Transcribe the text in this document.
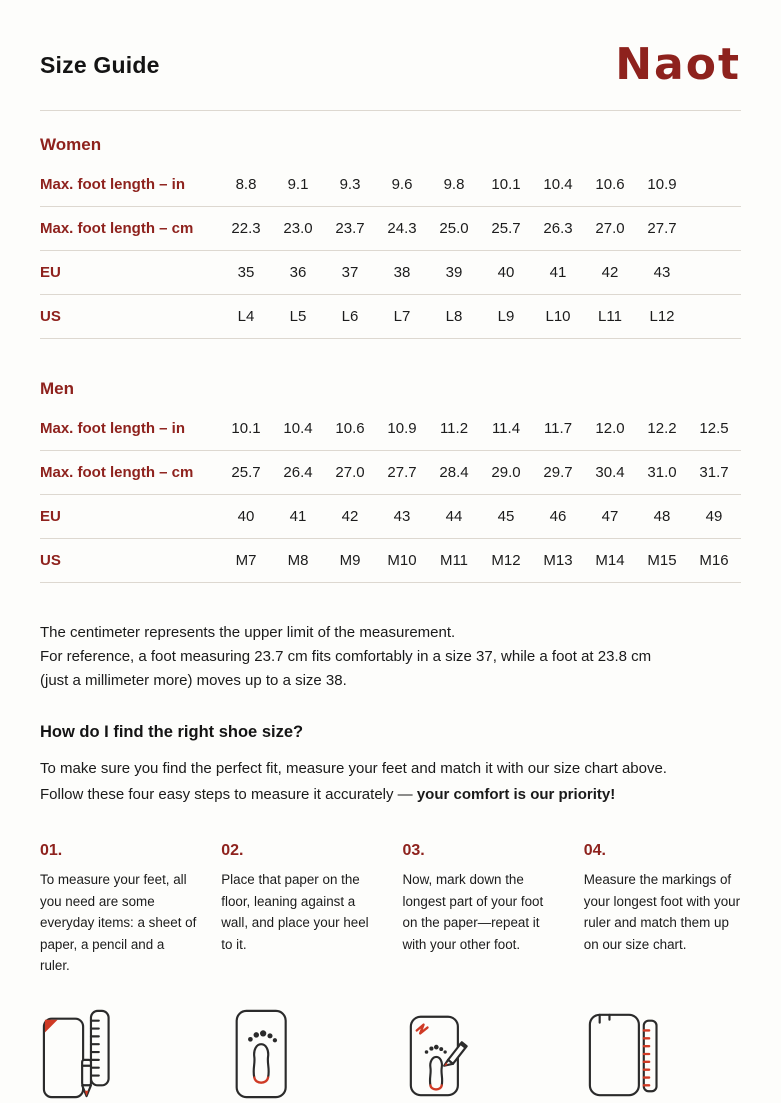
Size Guide	Naot
Women
Max. foot length – in	8.8	9.1	9.3	9.6	9.8	10.1	10.4	10.6	10.9
Max. foot length – cm	22.3	23.0	23.7	24.3	25.0	25.7	26.3	27.0	27.7
EU	35	36	37	38	39	40	41	42	43
US	L4	L5	L6	L7	L8	L9	L10	L11	L12
Men
Max. foot length – in	10.1	10.4	10.6	10.9	11.2	11.4	11.7	12.0	12.2	12.5
Max. foot length – cm	25.7	26.4	27.0	27.7	28.4	29.0	29.7	30.4	31.0	31.7
EU	40	41	42	43	44	45	46	47	48	49
US	M7	M8	M9	M10	M11	M12	M13	M14	M15	M16
The centimeter represents the upper limit of the measurement.
For reference, a foot measuring 23.7 cm fits comfortably in a size 37, while a foot at 23.8 cm
(just a millimeter more) moves up to a size 38.
How do I find the right shoe size?

To make sure you find the perfect fit, measure your feet and match it with our size chart above. Follow these four easy steps to measure it accurately — your comfort is our priority!

01.
To measure your feet, all you need are some everyday items: a sheet of paper, a pencil and a ruler.
02.
Place that paper on the floor, leaning against a wall, and place your heel to it.
03.
Now, mark down the longest part of your foot on the paper—repeat it with your other foot.
04.
Measure the markings of your longest foot with your ruler and match them up on our size chart.
